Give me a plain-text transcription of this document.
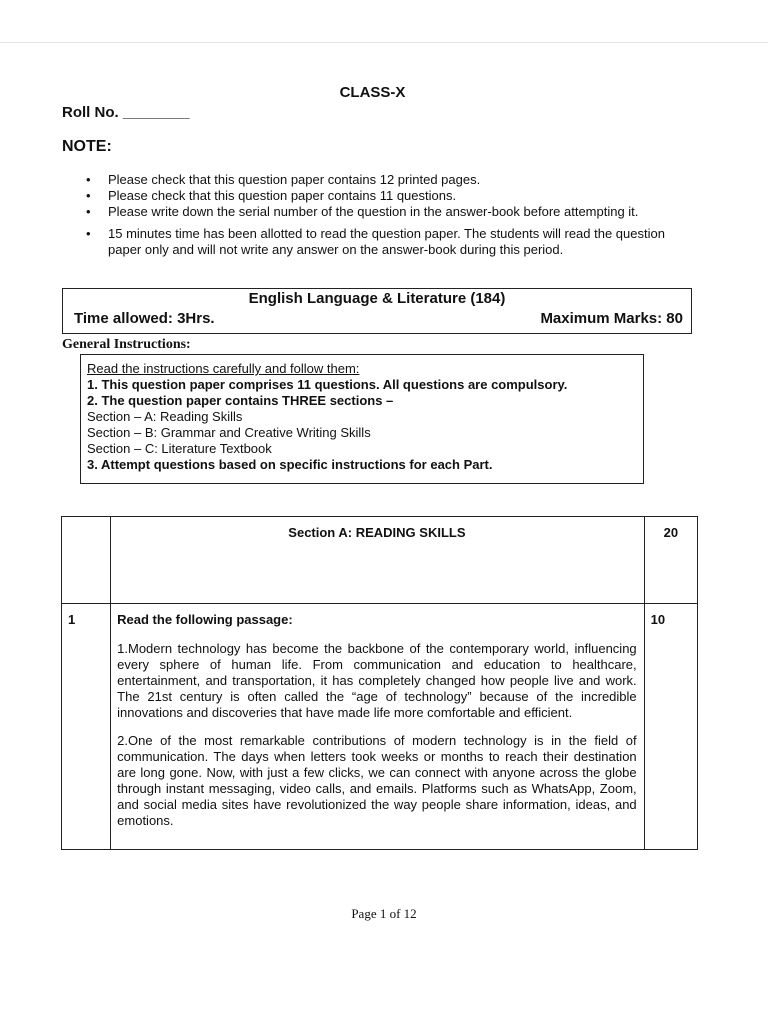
CLASS-X
Roll No. ________
NOTE:
• Please check that this question paper contains 12 printed pages.
• Please check that this question paper contains 11 questions.
• Please write down the serial number of the question in the answer-book before attempting it.
• 15 minutes time has been allotted to read the question paper. The students will read the question paper only and will not write any answer on the answer-book during this period.
English Language & Literature (184)
Time allowed: 3Hrs.	Maximum Marks: 80
General Instructions:
Read the instructions carefully and follow them:
1. This question paper comprises 11 questions. All questions are compulsory.
2. The question paper contains THREE sections –
Section – A: Reading Skills
Section – B: Grammar and Creative Writing Skills
Section – C: Literature Textbook
3. Attempt questions based on specific instructions for each Part.
	Section A: READING SKILLS	20
1	Read the following passage:

1.Modern technology has become the backbone of the contemporary world, influencing every sphere of human life. From communication and education to healthcare, entertainment, and transportation, it has completely changed how people live and work. The 21st century is often called the “age of technology” because of the incredible innovations and discoveries that have made life more comfortable and efficient.

2.One of the most remarkable contributions of modern technology is in the field of communication. The days when letters took weeks or months to reach their destination are long gone. Now, with just a few clicks, we can connect with anyone across the globe through instant messaging, video calls, and emails. Platforms such as WhatsApp, Zoom, and social media sites have revolutionized the way people share information, ideas, and emotions.	10
Page 1 of 12
